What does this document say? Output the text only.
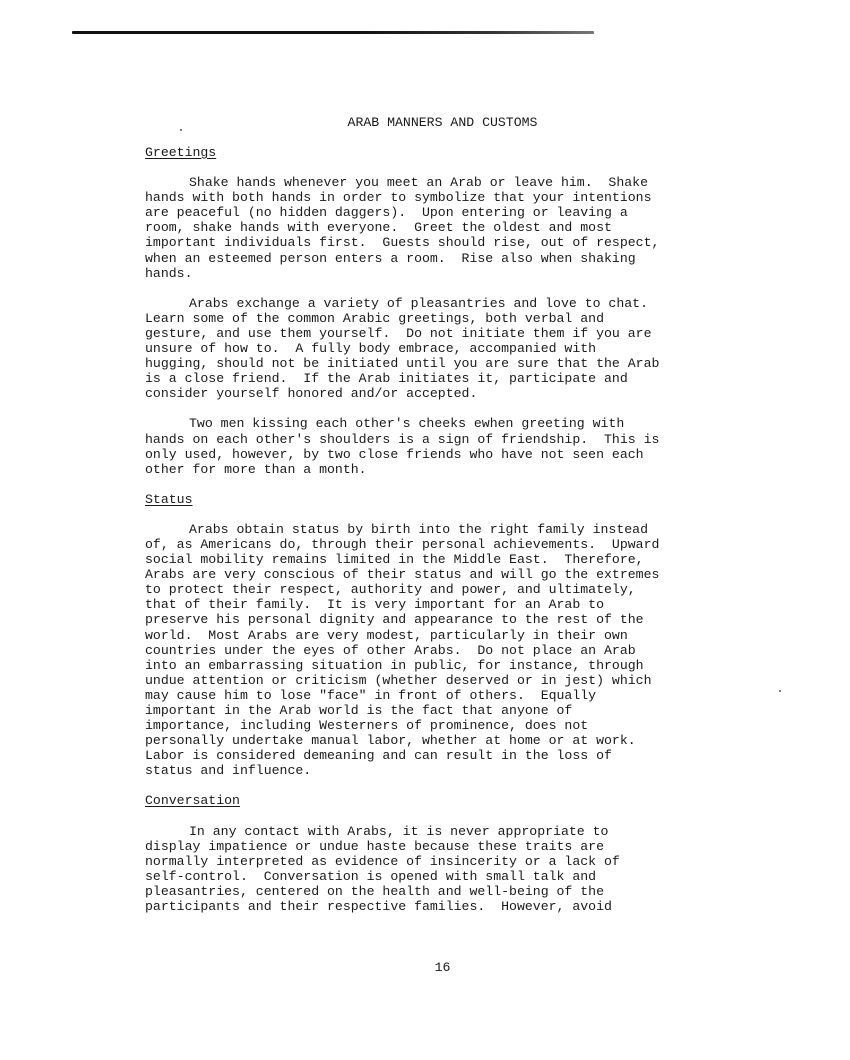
ARAB MANNERS AND CUSTOMS
Greetings
Shake hands whenever you meet an Arab or leave him.  Shake
hands with both hands in order to symbolize that your intentions
are peaceful (no hidden daggers).  Upon entering or leaving a
room, shake hands with everyone.  Greet the oldest and most
important individuals first.  Guests should rise, out of respect,
when an esteemed person enters a room.  Rise also when shaking
hands.
Arabs exchange a variety of pleasantries and love to chat.
Learn some of the common Arabic greetings, both verbal and
gesture, and use them yourself.  Do not initiate them if you are
unsure of how to.  A fully body embrace, accompanied with
hugging, should not be initiated until you are sure that the Arab
is a close friend.  If the Arab initiates it, participate and
consider yourself honored and/or accepted.
Two men kissing each other's cheeks ewhen greeting with
hands on each other's shoulders is a sign of friendship.  This is
only used, however, by two close friends who have not seen each
other for more than a month.
Status
Arabs obtain status by birth into the right family instead
of, as Americans do, through their personal achievements.  Upward
social mobility remains limited in the Middle East.  Therefore,
Arabs are very conscious of their status and will go the extremes
to protect their respect, authority and power, and ultimately,
that of their family.  It is very important for an Arab to
preserve his personal dignity and appearance to the rest of the
world.  Most Arabs are very modest, particularly in their own
countries under the eyes of other Arabs.  Do not place an Arab
into an embarrassing situation in public, for instance, through
undue attention or criticism (whether deserved or in jest) which
may cause him to lose "face" in front of others.  Equally
important in the Arab world is the fact that anyone of
importance, including Westerners of prominence, does not
personally undertake manual labor, whether at home or at work.
Labor is considered demeaning and can result in the loss of
status and influence.
Conversation
In any contact with Arabs, it is never appropriate to
display impatience or undue haste because these traits are
normally interpreted as evidence of insincerity or a lack of
self-control.  Conversation is opened with small talk and
pleasantries, centered on the health and well-being of the
participants and their respective families.  However, avoid
16
